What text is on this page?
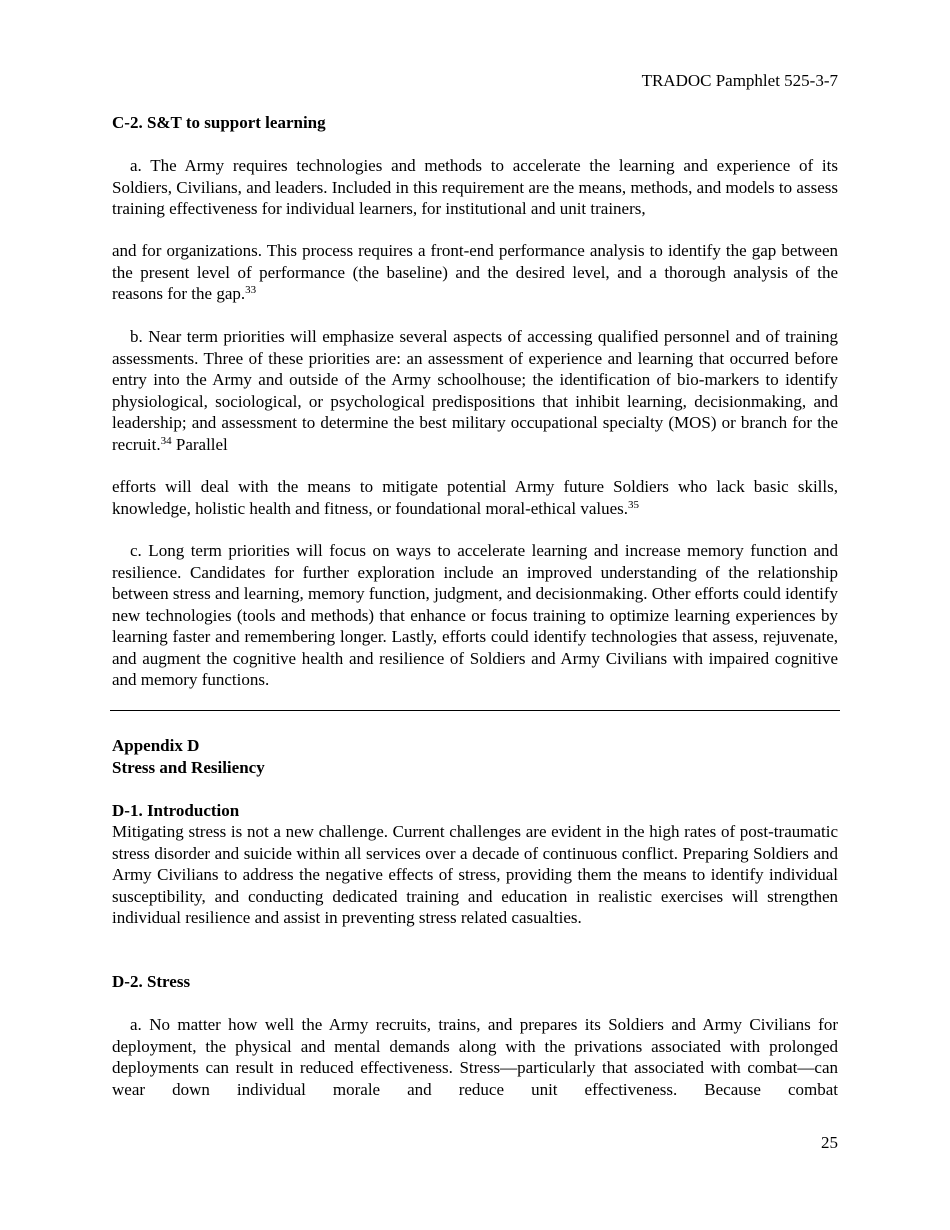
TRADOC Pamphlet 525-3-7
C-2. S&T to support learning
a. The Army requires technologies and methods to accelerate the learning and experience of its Soldiers, Civilians, and leaders. Included in this requirement are the means, methods, and models to assess training effectiveness for individual learners, for institutional and unit trainers,
and for organizations. This process requires a front-end performance analysis to identify the gap between the present level of performance (the baseline) and the desired level, and a thorough analysis of the reasons for the gap.$^{33}$
b. Near term priorities will emphasize several aspects of accessing qualified personnel and of training assessments. Three of these priorities are: an assessment of experience and learning that occurred before entry into the Army and outside of the Army schoolhouse; the identification of bio-markers to identify physiological, sociological, or psychological predispositions that inhibit learning, decisionmaking, and leadership; and assessment to determine the best military occupational specialty (MOS) or branch for the recruit.$^{34}$ Parallel
efforts will deal with the means to mitigate potential Army future Soldiers who lack basic skills, knowledge, holistic health and fitness, or foundational moral-ethical values.$^{35}$
c. Long term priorities will focus on ways to accelerate learning and increase memory function and resilience. Candidates for further exploration include an improved understanding of the relationship between stress and learning, memory function, judgment, and decisionmaking. Other efforts could identify new technologies (tools and methods) that enhance or focus training to optimize learning experiences by learning faster and remembering longer. Lastly, efforts could identify technologies that assess, rejuvenate, and augment the cognitive health and resilience of Soldiers and Army Civilians with impaired cognitive and memory functions.
Appendix D
Stress and Resiliency
D-1. Introduction
Mitigating stress is not a new challenge. Current challenges are evident in the high rates of post-traumatic stress disorder and suicide within all services over a decade of continuous conflict. Preparing Soldiers and Army Civilians to address the negative effects of stress, providing them the means to identify individual susceptibility, and conducting dedicated training and education in realistic exercises will strengthen individual resilience and assist in preventing stress related casualties.
D-2. Stress
a. No matter how well the Army recruits, trains, and prepares its Soldiers and Army Civilians for deployment, the physical and mental demands along with the privations associated with prolonged deployments can result in reduced effectiveness. Stress—particularly that associated with combat—can wear down individual morale and reduce unit effectiveness. Because combat
25
